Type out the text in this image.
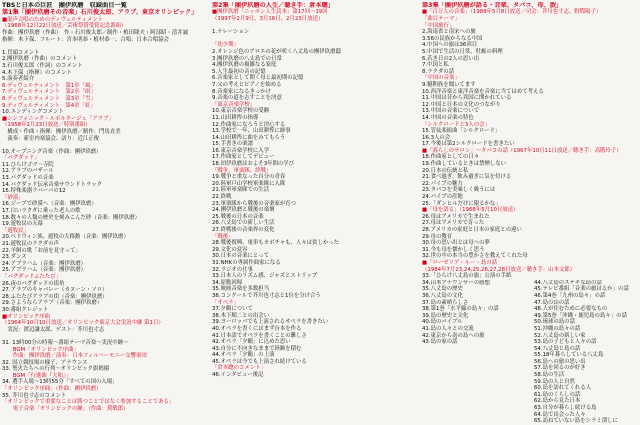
TBSと日本の巨匠　團伊玖磨　収録曲目一覧
第1集「團伊玖磨その音楽」石川俊太郎、アラブ、東京オリンピック」
■混声合唱のためのディヴェルティメント
（1968年12月22日放送／芸術祭賞受賞記念番組）
作曲：團伊玖磨（作曲）　作・石川俊太郎／制作・植田隆夫・阿部昭・清井誠
指揮：木下保、フルート：宮本明恭・植村恭一、合唱：日本合唱協会

1.冒頭コメント
2.團伊玖磨（作曲）のコメント
3.石川俊太郎（作詞）のコメント
4.木下保（指揮）のコメント
5.演奏者紹介
6.ディヴェルティメント　第1章「風」
7.ディヴェルティメント　第2章「雨」
8.ディヴェルティメント　第3章「雪」
9.ディヴェルティメント　第4章「虹」
10.エンディングコメント
■シンフォニック・ルポルタージュ「アラブ」
（1958年2月23日放送／特別番組）
　構成・作曲・指揮：團伊玖磨／制作：門馬直美
　演奏：新室内楽協会、語り：近江正俊

10.オープニング音楽（作曲：團伊玖磨）
「バグダッド」
11.ひらけゴマ～寺院
12.アラブのバザール
13.バグダッドの音楽
14.バグダッド伝承音楽サウンドトラック
15.特殊楽器ラバーバの12
「砂漠」
16.ジープで砂漠へ（音楽：團伊玖磨）
17.白いラクダに乗った老人の歌
18.数々の人類の歴史を刻みこんだ砂（音楽：團伊玖磨）
19.遊牧民の天幕
「遊牧民」
20.ベドウィン族、遊牧の大移動（音楽：團伊玖磨）
21.遊牧民のラクダの声
22.羊飼の歌「お前を見守って」
23.ダンス
24.アブラハム（音楽：團伊玖磨）
25.アブラハム（音楽：團伊玖磨）
「バグダッドふたたび」
26.夜のバグダッドの街角
27.アラブのキャバレー（カヌーン・ソロ）
28.ふたたびアラブの街（音楽：團伊玖磨）
29.さようならアラブ（音楽：團伊玖磨）
30.番組クレジット
■オリンピック序曲
（1964年10月10日放送／オリンピック東京大会実況中継 第1日）
　実況：渡辺謙太郎、ゲスト：芥川也寸志

31. 13時00分の時報～番組テーマ音楽～実況中継～
　　BGM「オリンピック序曲」
　　作曲：團伊玖磨／演奏：日本フィルハーモニー交響楽団
32. 国立競技場の様子、アナウンス
33. 聖火たちへの行列～オリンピック旗掲揚
　　BGM「行進曲『大和』」
34. 選手入場～13時55分「すべての国の入場」
「オリンピック序曲」（作曲：團伊玖磨）
35. 芥川也寸志のコメント
「オリンピックで重要なことは勝つことではなく参加することである」
　　電子音楽「オリンピックの鐘」（作曲：黛敏郎）
第2集「團伊玖磨の人生／聴き手：倉本聰」
■團伊玖磨「ニッポン人生読本」第17回～19回
（1997年2月9日、3月16日、2月23日放送）

1.ナレーション

「幼少期」
2.オレンジ色のアロエの花が咲く八丈島の團伊玖磨邸
3.團伊玖磨の八丈島での日常
4.團伊玖磨の複雑なる家庭
5.人生最初の音の記憶
6.音楽家として開く母と最初期の記憶
7.父の考えとピアノを始める
8.音楽家になるきっかけ
9.音楽の道を志すことを決意
「東京音楽学校」
10.東京音楽学校の受験
11.山田耕筰の指導
12.作曲家になろうと決心する
13.学校で一年、山田耕筰に師事
14.山田耕筰に曲をみてもらう
15.手書きの楽譜
16.東京音楽学校に入学
17.作曲家としてデビュー
18.団伊玖磨はおよそ3年間の学び
「戦争、軍楽隊、終戦」
19.戦争と重なった自分の青春
20.陸軍戸山学校軍楽隊に入隊
21.陸軍軍楽隊での生活
22.終戦
23.軍楽隊から戦後の音楽家が育つ
24.團伊玖磨と戦後の楽壇
25.戦後の日本の音楽
26.八丈島での新しい生活
27.終戦後の音楽界の変化
「戦後」
28.戦後復興、電車もカボチャも、人々は貧しかった
29.文化の変容
30.日本の音楽にとって
31.NHKの專属作曲家になる
32.ラジオの仕事
33.日本人のリズム感、ジャズとストリップ
34.原點回帰
35.映画音楽を多数担当
36.コンクールで芥川也寸志と1位を分け合う
「オペラ」
37.夕鶴について
38.木下順二との出会い
39.ヨーロッパでも上演されるオペラを書きたい
40.オペラを書くにはまず台本を作る
41.日本語でオペラを書くことの難しさ
42.オペラ「夕鶴」に込めた思い
43.自分に不向きなままで経験を積む
44.オペラ「夕鶴」の上演
45.オペラは今でも上演され続けている
「倉本聰のコメント」
46.インタビュー後記
第3集「團伊玖磨が語る・音楽、タバコ、母、旅」
■「百万人の音楽」（1988年5月8日放送／司会：芥川也寸志、野際陽子）
「曲目テーマ」
「中国旅行」
2.海南省と南宋への旅
3.56の民族からなる中国
4.中国への旅は36回目
5.中国で生活の日常、牡蛎の料理
6.若き日の2人の思い出
7.中国と私
8.ラクダの話
「中国の音楽」
9.韃靼族を聞いてます
10.西洋音楽と東洋音楽を音楽に当てはめて考える
11.中国は昔から異国に開かれている
12.中国と日本の文化のつながり
13.中国の音楽について
14.中国の音楽の特色
「シルクロードと3人の会」
15.管弦楽組曲「シルクロード」
16.3人の会
17.今後は第2シルクロードを書きたい
■「暮らしのサロン」～タバコの話（1967年10月11日放送／聴き手：高階玲子）
18.作曲家としての日々
19.作曲しているときは禁煙しない
20.日本の伝統と私
21.食べ過ぎ、飲み過ぎに気を付ける
22.パイプの魅力
23.タバコを美味しく吸うには
24.パイプの産地
25.「ダンヒルだけに限るかな」
■「母を語る」（1968年5月10日放送）
26.母はアメリカで生まれた
27.母はアメリカで育った
28.アメリカの家庭と日本の家庭との違い
29.母の教育
30.母の思い出とは母への夢
31.今も母を懐かしく思う
32.世の中の本当の豊かさを教えてくれた母
■「ローゼリア・ルー・島の話
（1984年7月23,24,25,26,27,28日放送／聴き手：山本文郎）
33.「ひらけ八丈島の旅」公演の手紙
34.山本アナウンサーの感想
35.八丈島の歴史
36.八丈島の文化
37.島の素晴らしさ
38.第1巻「水平線の島々」の話
39.島の歴史と文化
40.島のバイブル
41.島の人々との交流
42.東京から南の島への旅
43.島の家の話
44.八丈島のステキな島の話
45.テレビ番組「音楽の旅はるか」の話
46.第4巻「九州の島々」の話
47.島の山の話
48.人が住むために必要なもの
49.第5巻「沖縄・鹿児島の島々」の話
50.琉球の島の話
51.沖縄の島々の話
52.八丈島の新しい家
53.島の子どもと人々の話
54.八丈島と島の話
55.18年暮らしている八丈島
56.島への旅の思い出
57.島を回るのが好き
58.島の生活
59.島の人と自然
60.島を訪れてくれる人
61.島のくらしの話
62.島から見た日本
63.自分が暮らし続ける島
64.島で出会った人々
65.訪ねていない島をシラミ潰しに
